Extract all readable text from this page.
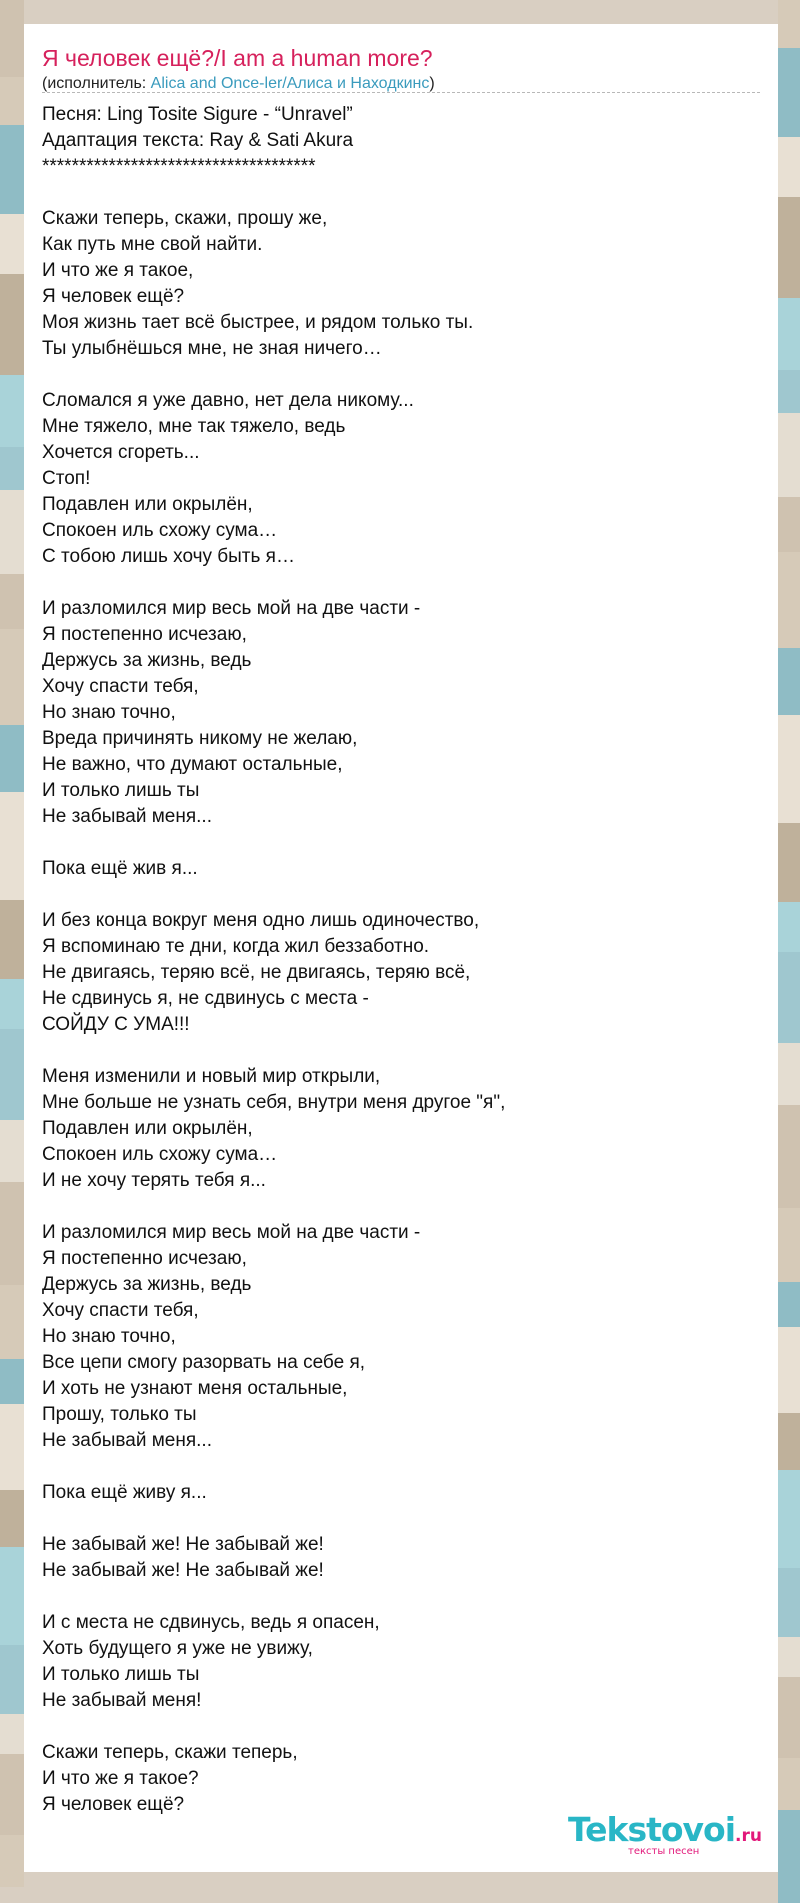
Я человек ещё?/I am a human more?

(исполнитель: Alica and Once-ler/Алиса и Находкинс)

Песня: Ling Tosite Sigure - “Unravel”
Адаптация текста: Ray & Sati Akura
*************************************

Скажи теперь, скажи, прошу же,
Как путь мне свой найти.
И что же я такое,
Я человек ещё?
Моя жизнь тает всё быстрее, и рядом только ты.
Ты улыбнёшься мне, не зная ничего…

Сломался я уже давно, нет дела никому...
Мне тяжело, мне так тяжело, ведь
Хочется сгореть...
Стоп!
Подавлен или окрылён,
Спокоен иль схожу сума…
С тобою лишь хочу быть я…

И разломился мир весь мой на две части -
Я постепенно исчезаю,
Держусь за жизнь, ведь
Хочу спасти тебя,
Но знаю точно,
Вреда причинять никому не желаю,
Не важно, что думают остальные,
И только лишь ты
Не забывай меня...

Пока ещё жив я...

И без конца вокруг меня одно лишь одиночество,
Я вспоминаю те дни, когда жил беззаботно.
Не двигаясь, теряю всё, не двигаясь, теряю всё,
Не сдвинусь я, не сдвинусь с места -
СОЙДУ С УМА!!!

Меня изменили и новый мир открыли,
Мне больше не узнать себя, внутри меня другое "я",
Подавлен или окрылён,
Спокоен иль схожу сума…
И не хочу терять тебя я...

И разломился мир весь мой на две части -
Я постепенно исчезаю,
Держусь за жизнь, ведь
Хочу спасти тебя,
Но знаю точно,
Все цепи смогу разорвать на себе я,
И хоть не узнают меня остальные,
Прошу, только ты
Не забывай меня...

Пока ещё живу я...

Не забывай же! Не забывай же!
Не забывай же! Не забывай же!

И с места не сдвинусь, ведь я опасен,
Хоть будущего я уже не увижу,
И только лишь ты
Не забывай меня!

Скажи теперь, скажи теперь,
И что же я такое?
Я человек ещё?
Tekstovoi.ru
тексты песен
